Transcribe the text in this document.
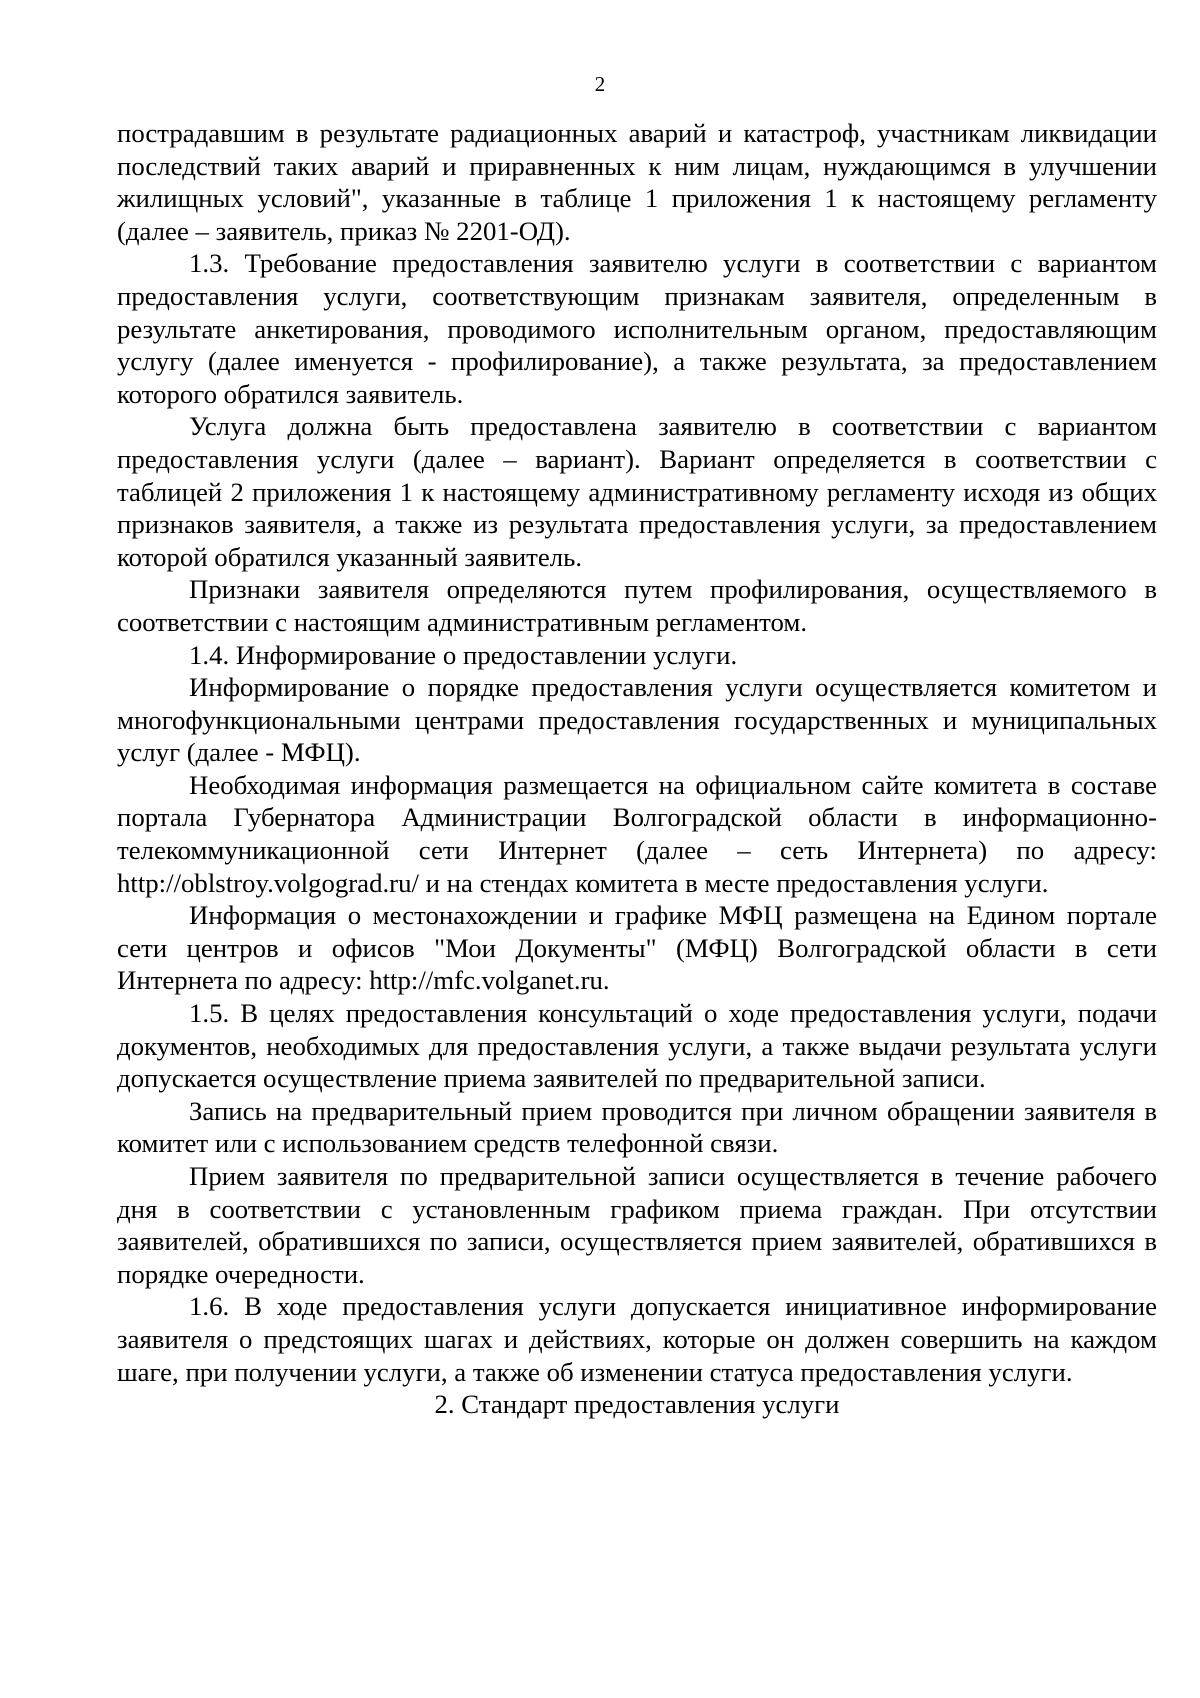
2

пострадавшим в результате радиационных аварий и катастроф, участникам ликвидации последствий таких аварий и приравненных к ним лицам, нуждающимся в улучшении жилищных условий", указанные в таблице 1 приложения 1 к настоящему регламенту (далее – заявитель, приказ № 2201-ОД).

1.3. Требование предоставления заявителю услуги в соответствии с вариантом предоставления услуги, соответствующим признакам заявителя, определенным в результате анкетирования, проводимого исполнительным органом, предоставляющим услугу (далее именуется - профилирование), а также результата, за предоставлением которого обратился заявитель.

Услуга должна быть предоставлена заявителю в соответствии с вариантом предоставления услуги (далее – вариант). Вариант определяется в соответствии с таблицей 2 приложения 1 к настоящему административному регламенту исходя из общих признаков заявителя, а также из результата предоставления услуги, за предоставлением которой обратился указанный заявитель.

Признаки заявителя определяются путем профилирования, осуществляемого в соответствии с настоящим административным регламентом.

1.4. Информирование о предоставлении услуги.

Информирование о порядке предоставления услуги осуществляется комитетом и многофункциональными центрами предоставления государственных и муниципальных услуг (далее - МФЦ).

Необходимая информация размещается на официальном сайте комитета в составе портала Губернатора Администрации Волгоградской области в информационно-телекоммуникационной сети Интернет (далее – сеть Интернета) по адресу: http://oblstroy.volgograd.ru/ и на стендах комитета в месте предоставления услуги.

Информация о местонахождении и графике МФЦ размещена на Едином портале сети центров и офисов "Мои Документы" (МФЦ) Волгоградской области в сети Интернета по адресу: http://mfc.volganet.ru.

1.5. В целях предоставления консультаций о ходе предоставления услуги, подачи документов, необходимых для предоставления услуги, а также выдачи результата услуги допускается осуществление приема заявителей по предварительной записи.

Запись на предварительный прием проводится при личном обращении заявителя в комитет или с использованием средств телефонной связи.

Прием заявителя по предварительной записи осуществляется в течение рабочего дня в соответствии с установленным графиком приема граждан. При отсутствии заявителей, обратившихся по записи, осуществляется прием заявителей, обратившихся в порядке очередности.

1.6. В ходе предоставления услуги допускается инициативное информирование заявителя о предстоящих шагах и действиях, которые он должен совершить на каждом шаге, при получении услуги, а также об изменении статуса предоставления услуги.

2. Стандарт предоставления услуги
